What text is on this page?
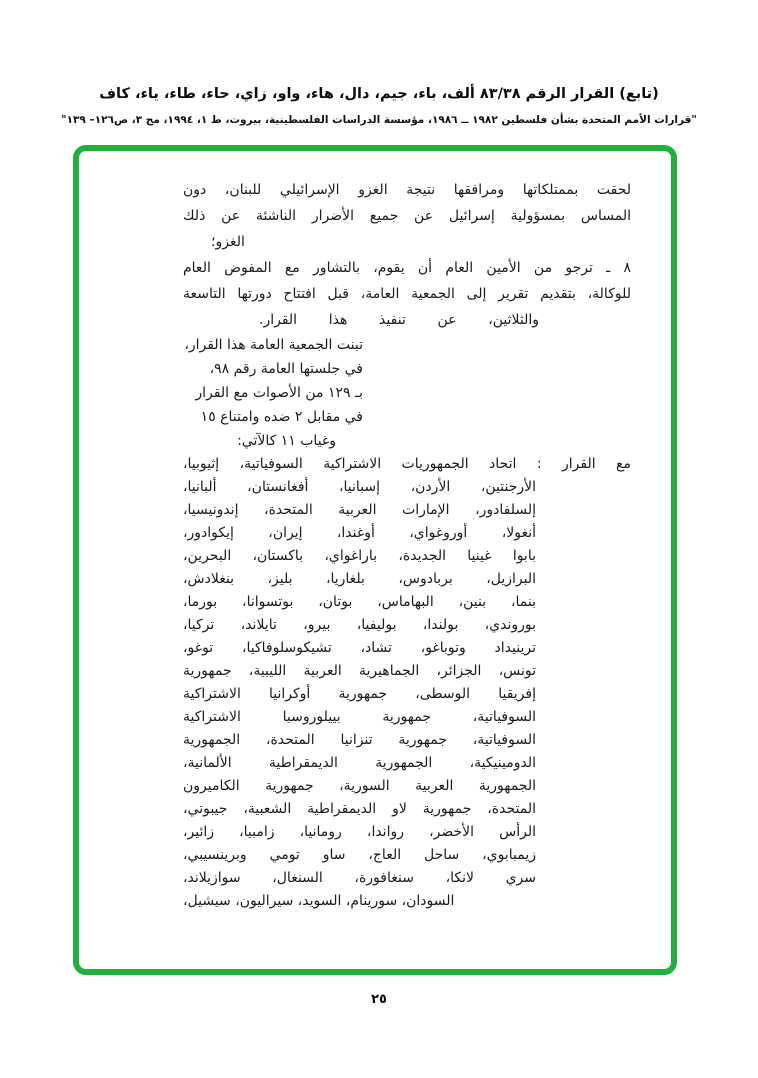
(تابع) القرار الرقم ٨٣/٣٨ ألف، باء، جيم، دال، هاء، واو، زاي، حاء، طاء، ياء، كاف
"قرارات الأمم المتحدة بشأن فلسطين ١٩٨٢ ــ ١٩٨٦، مؤسسة الدراسات الفلسطينية، بيروت، ط ١، ١٩٩٤، مج ٣، ص١٢٦– ١٣٩"
لحقت بممتلكاتها ومرافقها نتيجة الغزو الإسرائيلي للبنان، دون
المساس بمسؤولية إسرائيل عن جميع الأضرار الناشئة عن ذلك
الغزو؛
٨ ـ ترجو من الأمين العام أن يقوم، بالتشاور مع المفوض العام
للوكالة، بتقديم تقرير إلى الجمعية العامة، قبل افتتاح دورتها التاسعة
والثلاثين، عن تنفيذ هذا القرار.
تبنت الجمعية العامة هذا القرار،
في جلستها العامة رقم ٩٨،
بـ ١٢٩ من الأصوات مع القرار
في مقابل ٢ ضده وامتناع ١٥
وغياب ١١ كالآتي:
مع القرار : اتحاد الجمهوريات الاشتراكية السوفياتية، إثيوبيا،
الأرجنتين، الأردن، إسبانيا، أفغانستان، ألبانيا،
إلسلفادور، الإمارات العربية المتحدة، إندونيسيا،
أنغولا، أوروغواي، أوغندا، إيران، إيكوادور،
بابوا غينيا الجديدة، باراغواي، باكستان، البحرين،
البرازيل، بربادوس، بلغاريا، بليز، بنغلادش،
بنما، بنين، البهاماس، بوتان، بوتسوانا، بورما،
بوروندي، بولندا، بوليفيا، بيرو، تايلاند، تركيا،
ترينيداد وتوباغو، تشاد، تشيكوسلوفاكيا، توغو،
تونس، الجزائر، الجماهيرية العربية الليبية، جمهورية
إفريقيا الوسطى، جمهورية أوكرانيا الاشتراكية
السوفياتية، جمهورية بييلوروسيا الاشتراكية
السوفياتية، جمهورية تنزانيا المتحدة، الجمهورية
الدومينيكية، الجمهورية الديمقراطية الألمانية،
الجمهورية العربية السورية، جمهورية الكاميرون
المتحدة، جمهورية لاو الديمقراطية الشعبية، جيبوتي،
الرأس الأخضر، رواندا، رومانيا، زامبيا، زائير،
زيمبابوي، ساحل العاج، ساو تومي وبرينسيبي،
سري لانكا، سنغافورة، السنغال، سوازيلاند،
السودان، سورينام، السويد، سيراليون، سيشيل،
٢٥
